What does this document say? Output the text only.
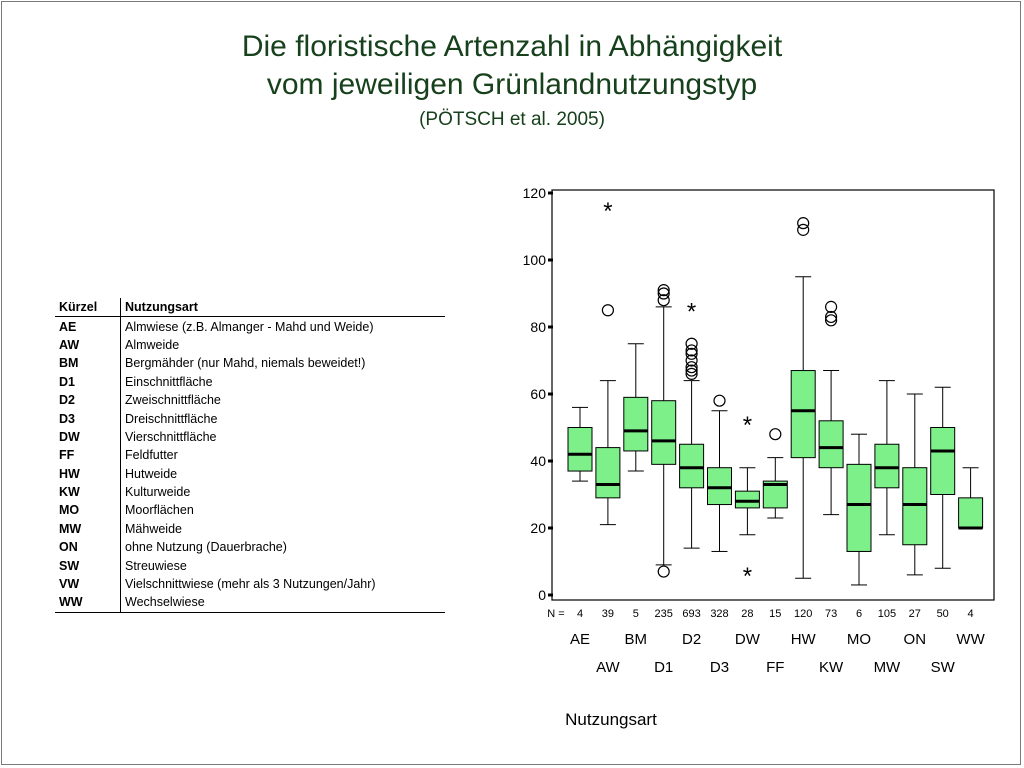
Die floristische Artenzahl in Abhängigkeit
vom jeweiligen Grünlandnutzungstyp
(PÖTSCH et al. 2005)
Kürzel	Nutzungsart
AE	Almwiese (z.B. Almanger - Mahd und Weide)
AW	Almweide
BM	Bergmähder (nur Mahd, niemals beweidet!)
D1	Einschnittfläche
D2	Zweischnittfläche
D3	Dreischnittfläche
DW	Vierschnittfläche
FF	Feldfutter
HW	Hutweide
KW	Kulturweide
MO	Moorflächen
MW	Mähweide
ON	ohne Nutzung (Dauerbrache)
SW	Streuwiese
VW	Vielschnittwiese (mehr als 3 Nutzungen/Jahr)
WW	Wechselwiese	0
20
40
60
80
100
120
N = 4
AE
*
39
AW
5
BM
235
D1
*
693
D2
328
D3
*
*
28
DW
15
FF
120
HW
73
KW
6
MO
105
MW
27
ON
50
SW
4
WW
Nutzungsart
